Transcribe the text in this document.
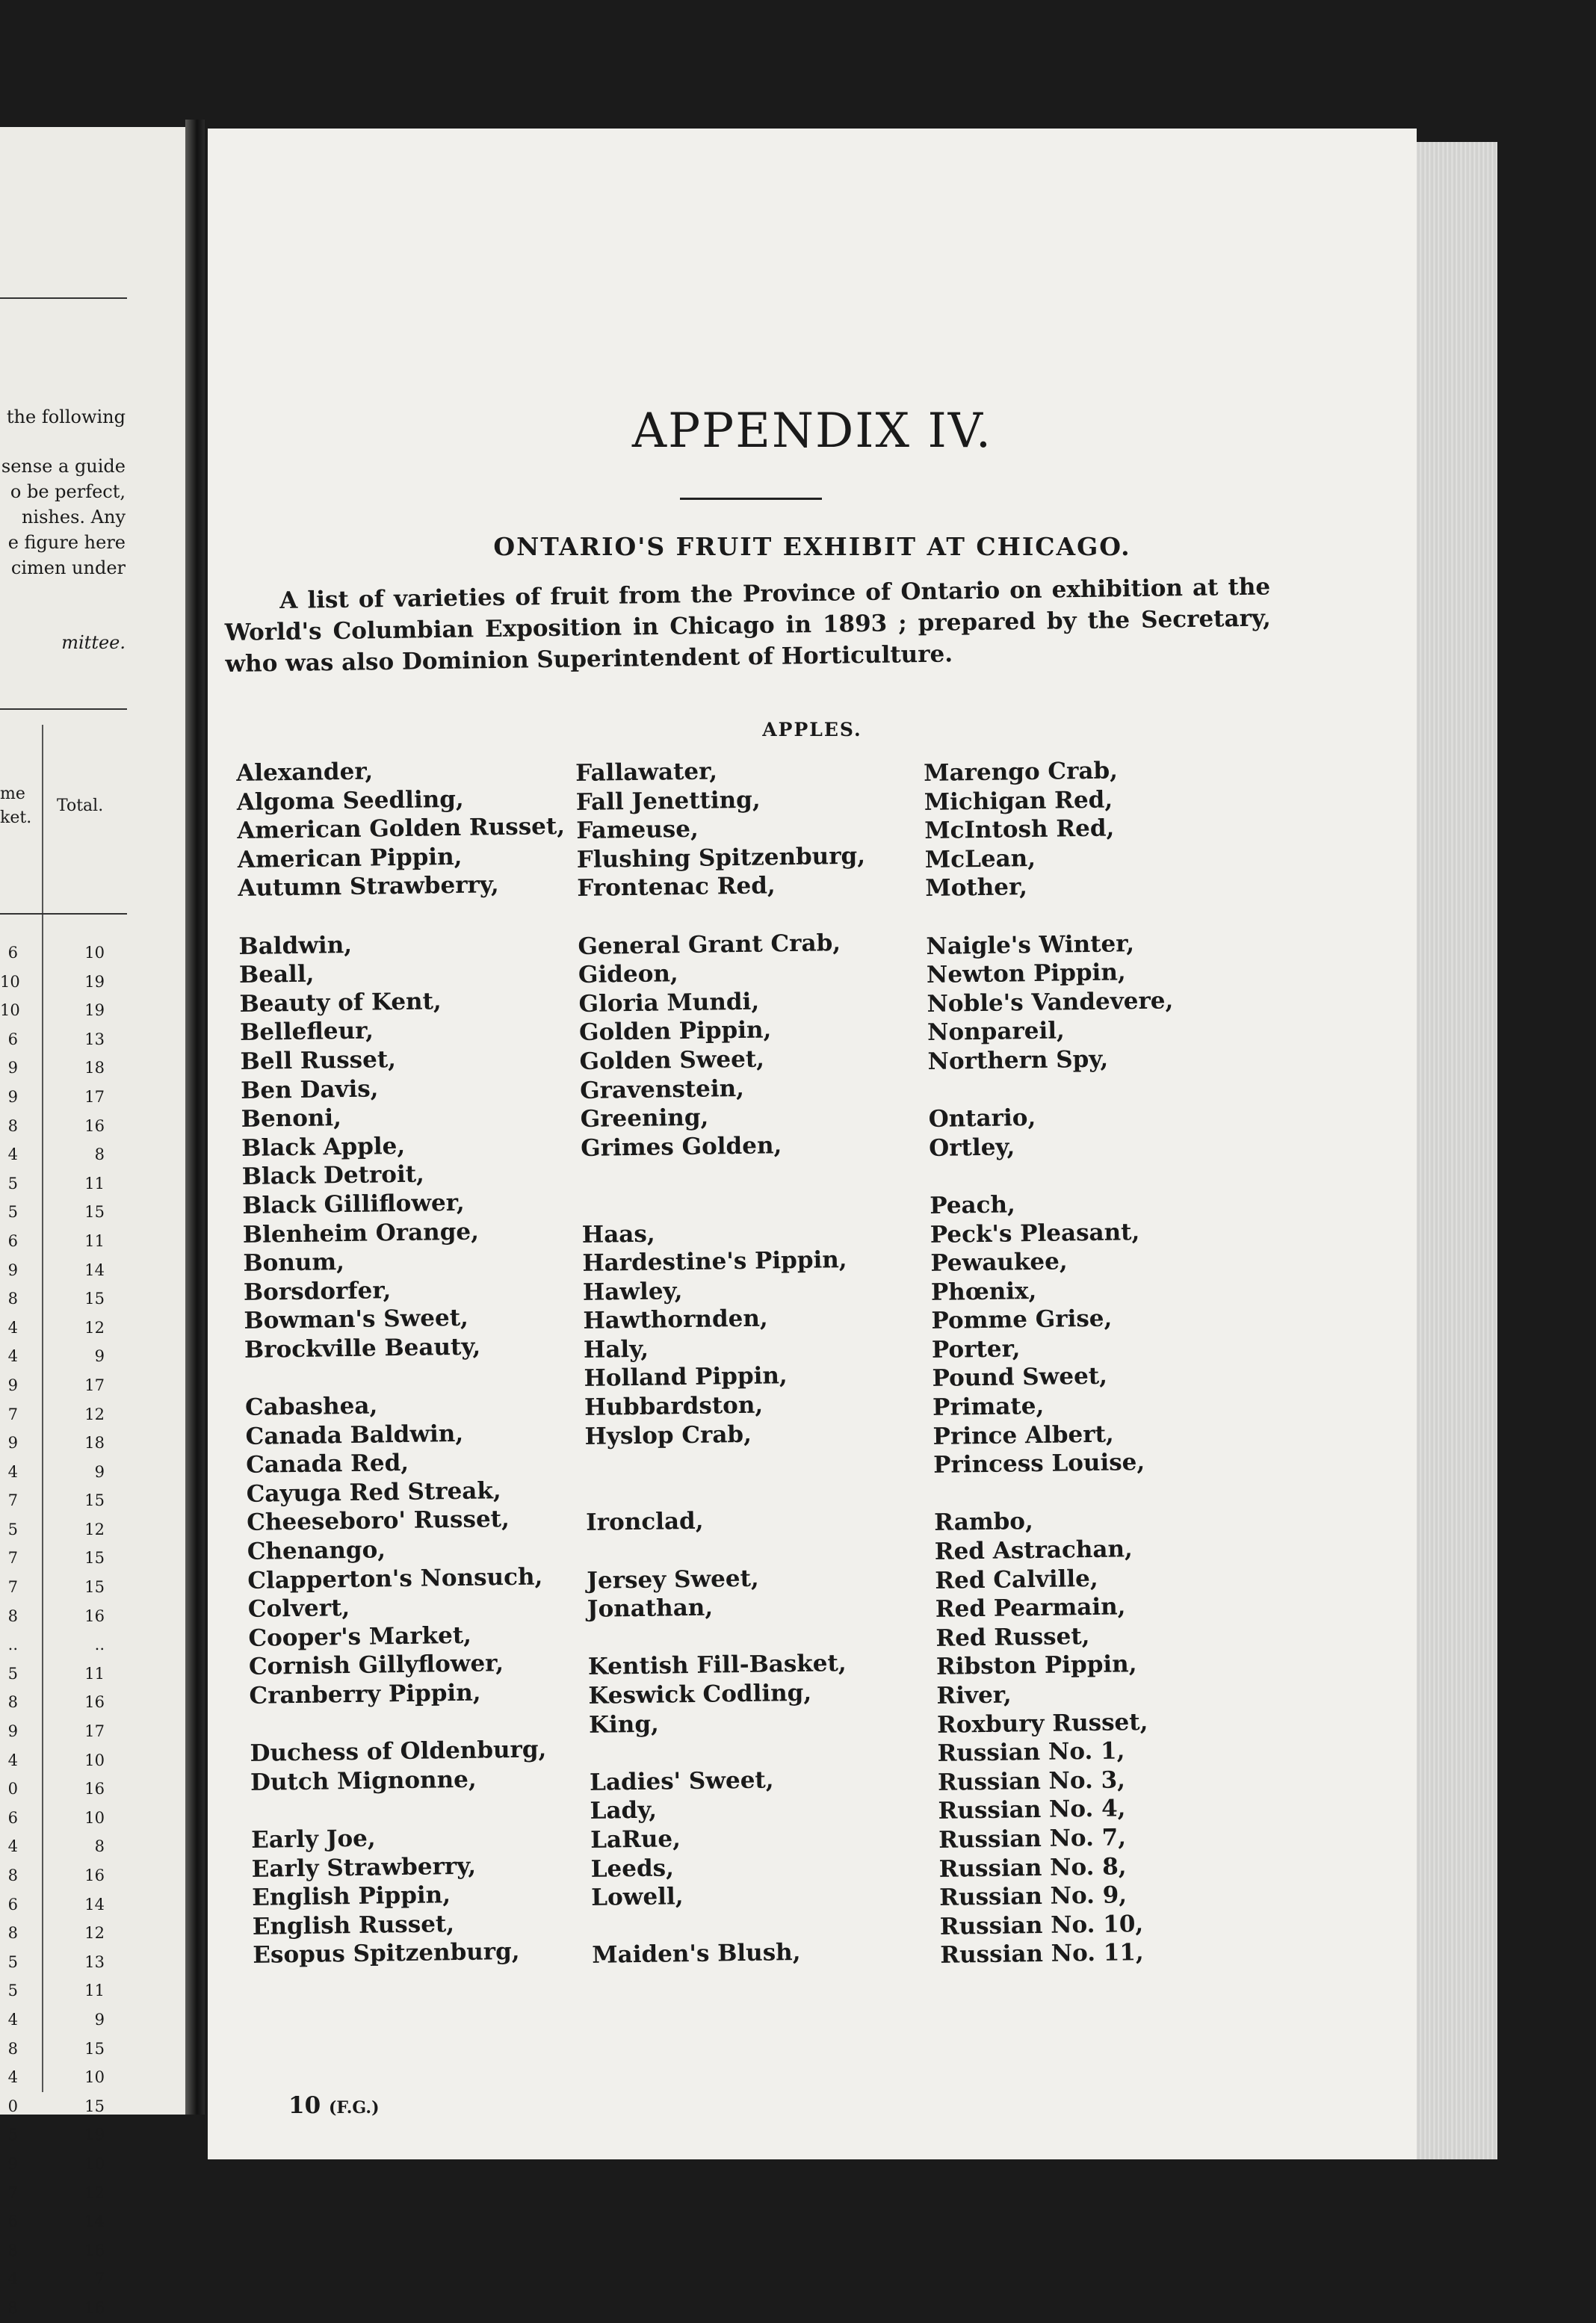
the following
sense a guide
o be perfect,
nishes. Any
e figure here
cimen under
mittee.
me
ket.
Total.
6
10
10
6
9
9
8
4
5
5
6
9
8
4
4
9
7
9
4
7
5
7
7
8
..
5
8
9
4
0
6
4
8
6
8
5
5
4
8
4
0
5
9
7
6
8
4
8
10
19
19
13
18
17
16
8
11
15
11
14
15
12
9
17
12
18
9
15
12
15
15
16
..
11
16
17
10
16
10
8
16
14
12
13
11
9
15
10
15
19
10
12
14
16
7
16
APPENDIX IV.
ONTARIO'S FRUIT EXHIBIT AT CHICAGO.
A list of varieties of fruit from the Province of Ontario on exhibition at the World's Columbian Exposition in Chicago in 1893 ; prepared by the Secretary, who was also Dominion Superintendent of Horticulture.
APPLES.
Alexander,
Algoma Seedling,
American Golden Russet,
American Pippin,
Autumn Strawberry,
Baldwin,
Beall,
Beauty of Kent,
Bellefleur,
Bell Russet,
Ben Davis,
Benoni,
Black Apple,
Black Detroit,
Black Gilliflower,
Blenheim Orange,
Bonum,
Borsdorfer,
Bowman's Sweet,
Brockville Beauty,
Cabashea,
Canada Baldwin,
Canada Red,
Cayuga Red Streak,
Cheeseboro' Russet,
Chenango,
Clapperton's Nonsuch,
Colvert,
Cooper's Market,
Cornish Gillyflower,
Cranberry Pippin,
Duchess of Oldenburg,
Dutch Mignonne,
Early Joe,
Early Strawberry,
English Pippin,
English Russet,
Esopus Spitzenburg,
Fallawater,
Fall Jenetting,
Fameuse,
Flushing Spitzenburg,
Frontenac Red,
General Grant Crab,
Gideon,
Gloria Mundi,
Golden Pippin,
Golden Sweet,
Gravenstein,
Greening,
Grimes Golden,
Haas,
Hardestine's Pippin,
Hawley,
Hawthornden,
Haly,
Holland Pippin,
Hubbardston,
Hyslop Crab,
Ironclad,
Jersey Sweet,
Jonathan,
Kentish Fill-Basket,
Keswick Codling,
King,
Ladies' Sweet,
Lady,
LaRue,
Leeds,
Lowell,
Maiden's Blush,
Marengo Crab,
Michigan Red,
McIntosh Red,
McLean,
Mother,
Naigle's Winter,
Newton Pippin,
Noble's Vandevere,
Nonpareil,
Northern Spy,
Ontario,
Ortley,
Peach,
Peck's Pleasant,
Pewaukee,
Phœnix,
Pomme Grise,
Porter,
Pound Sweet,
Primate,
Prince Albert,
Princess Louise,
Rambo,
Red Astrachan,
Red Calville,
Red Pearmain,
Red Russet,
Ribston Pippin,
River,
Roxbury Russet,
Russian No. 1,
Russian No. 3,
Russian No. 4,
Russian No. 7,
Russian No. 8,
Russian No. 9,
Russian No. 10,
Russian No. 11,
10 (F.G.)
